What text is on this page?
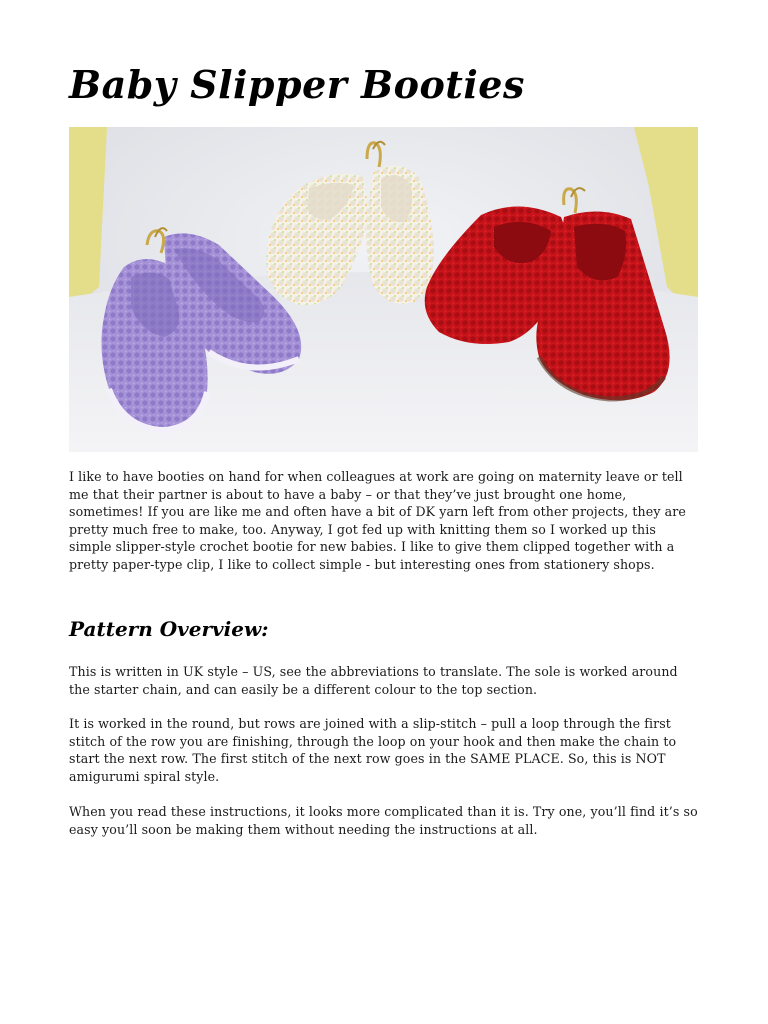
Baby Slipper Booties

I like to have booties on hand for when colleagues at work are going on maternity leave or tell me that their partner is about to have a baby – or that they’ve just brought one home, sometimes! If you are like me and often have a bit of DK yarn left from other projects, they are pretty much free to make, too. Anyway, I got fed up with knitting them so I worked up this simple slipper-style crochet bootie for new babies. I like to give them clipped together with a pretty paper-type clip, I like to collect simple - but interesting ones from stationery shops.

Pattern Overview:

This is written in UK style – US, see the abbreviations to translate. The sole is worked around the starter chain, and can easily be a different colour to the top section.

It is worked in the round, but rows are joined with a slip-stitch – pull a loop through the first stitch of the row you are finishing, through the loop on your hook and then make the chain to start the next row. The first stitch of the next row goes in the SAME PLACE. So, this is NOT amigurumi spiral style.

When you read these instructions, it looks more complicated than it is. Try one, you’ll find it’s so easy you’ll soon be making them without needing the instructions at all.
